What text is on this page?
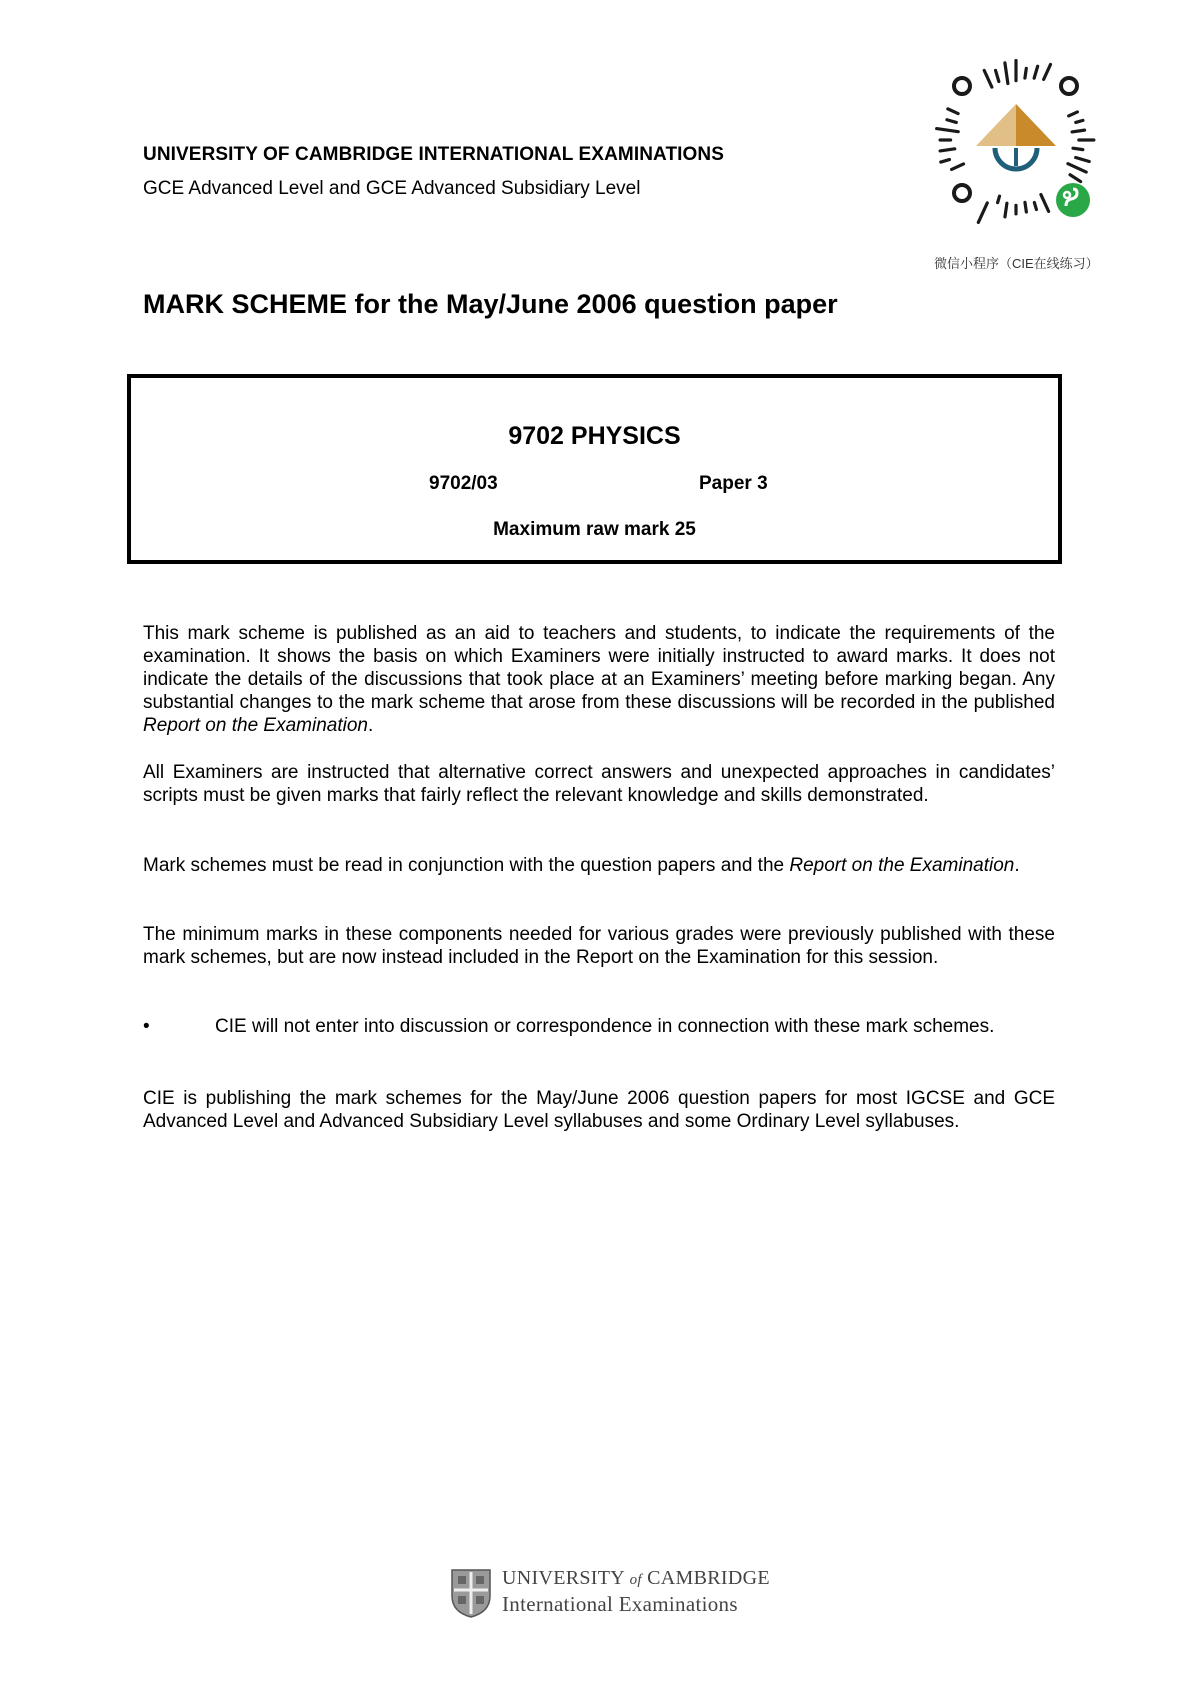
UNIVERSITY OF CAMBRIDGE INTERNATIONAL EXAMINATIONS
GCE Advanced Level and GCE Advanced Subsidiary Level
微信小程序（CIE在线练习）
MARK SCHEME for the May/June 2006 question paper
9702 PHYSICS
9702/03	Paper 3
Maximum raw mark 25
This mark scheme is published as an aid to teachers and students, to indicate the requirements of the examination. It shows the basis on which Examiners were initially instructed to award marks. It does not indicate the details of the discussions that took place at an Examiners’ meeting before marking began. Any substantial changes to the mark scheme that arose from these discussions will be recorded in the published Report on the Examination.
All Examiners are instructed that alternative correct answers and unexpected approaches in candidates’ scripts must be given marks that fairly reflect the relevant knowledge and skills demonstrated.
Mark schemes must be read in conjunction with the question papers and the Report on the Examination.
The minimum marks in these components needed for various grades were previously published with these mark schemes, but are now instead included in the Report on the Examination for this session.
•	CIE will not enter into discussion or correspondence in connection with these mark schemes.
CIE is publishing the mark schemes for the May/June 2006 question papers for most IGCSE and GCE Advanced Level and Advanced Subsidiary Level syllabuses and some Ordinary Level syllabuses.
UNIVERSITY of CAMBRIDGE
International Examinations
